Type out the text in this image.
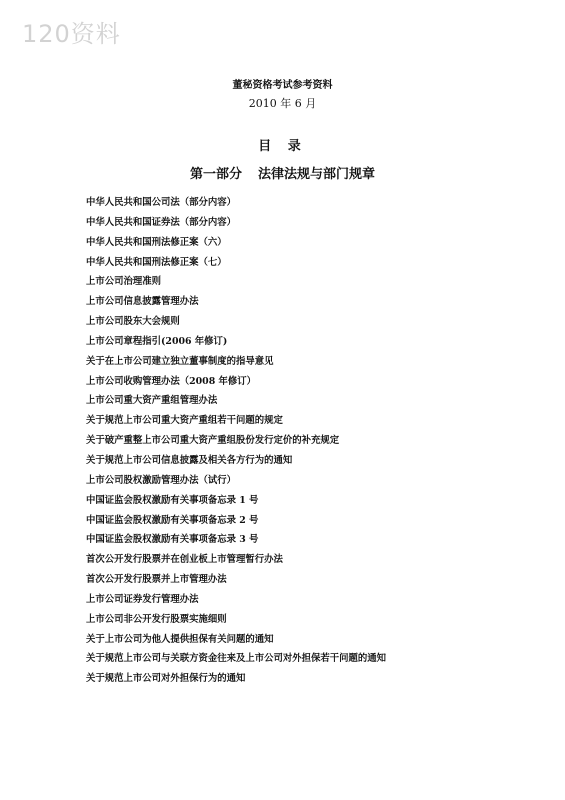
120资料
董秘资格考试参考资料
2010 年 6 月
目 录
第一部分 法律法规与部门规章
中华人民共和国公司法（部分内容）
中华人民共和国证券法（部分内容）
中华人民共和国刑法修正案（六）
中华人民共和国刑法修正案（七）
上市公司治理准则
上市公司信息披露管理办法
上市公司股东大会规则
上市公司章程指引(2006 年修订)
关于在上市公司建立独立董事制度的指导意见
上市公司收购管理办法（2008 年修订）
上市公司重大资产重组管理办法
关于规范上市公司重大资产重组若干问题的规定
关于破产重整上市公司重大资产重组股份发行定价的补充规定
关于规范上市公司信息披露及相关各方行为的通知
上市公司股权激励管理办法（试行）
中国证监会股权激励有关事项备忘录 1 号
中国证监会股权激励有关事项备忘录 2 号
中国证监会股权激励有关事项备忘录 3 号
首次公开发行股票并在创业板上市管理暂行办法
首次公开发行股票并上市管理办法
上市公司证券发行管理办法
上市公司非公开发行股票实施细则
关于上市公司为他人提供担保有关问题的通知
关于规范上市公司与关联方资金往来及上市公司对外担保若干问题的通知
关于规范上市公司对外担保行为的通知
